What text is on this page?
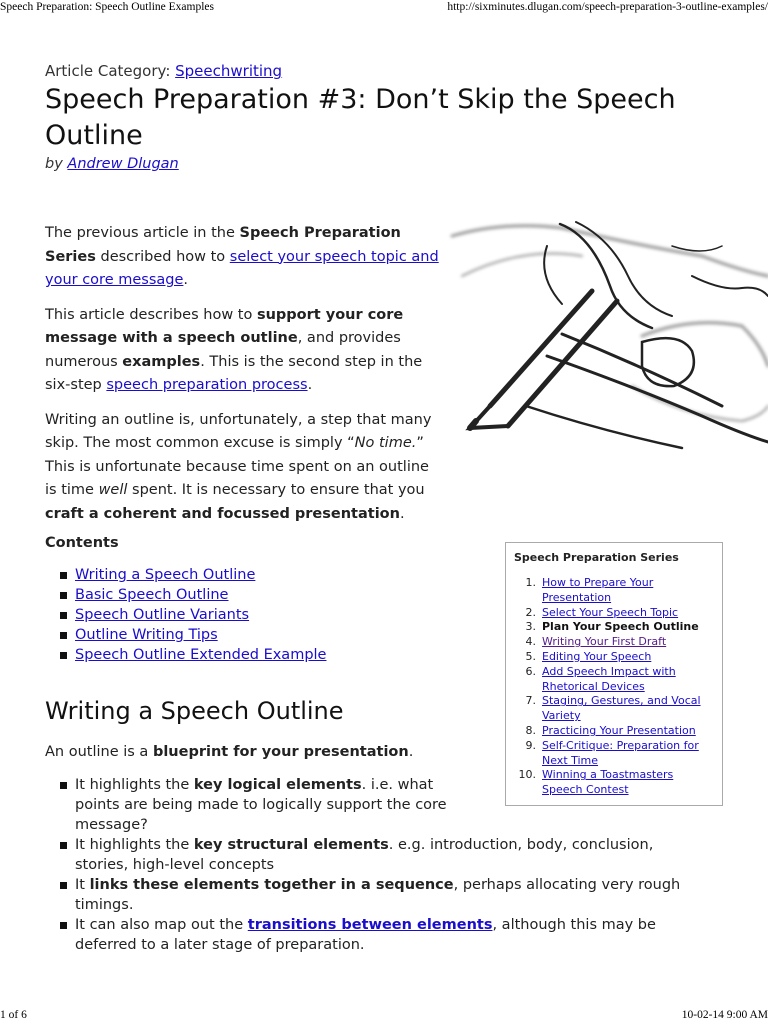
Speech Preparation: Speech Outline Examples	http://sixminutes.dlugan.com/speech-preparation-3-outline-examples/
Article Category: Speechwriting
Speech Preparation #3: Don’t Skip the Speech Outline
by Andrew Dlugan

The previous article in the Speech Preparation Series described how to select your speech topic and your core message.

This article describes how to support your core message with a speech outline, and provides numerous examples. This is the second step in the six-step speech preparation process.

Writing an outline is, unfortunately, a step that many skip. The most common excuse is simply “No time.” This is unfortunate because time spent on an outline is time well spent. It is necessary to ensure that you craft a coherent and focussed presentation.

Contents
Writing a Speech Outline
Basic Speech Outline
Speech Outline Variants
Outline Writing Tips
Speech Outline Extended Example
Speech Preparation Series
1. How to Prepare Your Presentation
2. Select Your Speech Topic
3. Plan Your Speech Outline
4. Writing Your First Draft
5. Editing Your Speech
6. Add Speech Impact with Rhetorical Devices
7. Staging, Gestures, and Vocal Variety
8. Practicing Your Presentation
9. Self-Critique: Preparation for Next Time
10. Winning a Toastmasters Speech Contest
Writing a Speech Outline
An outline is a blueprint for your presentation.
It highlights the key logical elements. i.e. what points are being made to logically support the core message?
It highlights the key structural elements. e.g. introduction, body, conclusion, stories, high-level concepts
It links these elements together in a sequence, perhaps allocating very rough timings.
It can also map out the transitions between elements, although this may be deferred to a later stage of preparation.
1 of 6	10-02-14 9:00 AM
